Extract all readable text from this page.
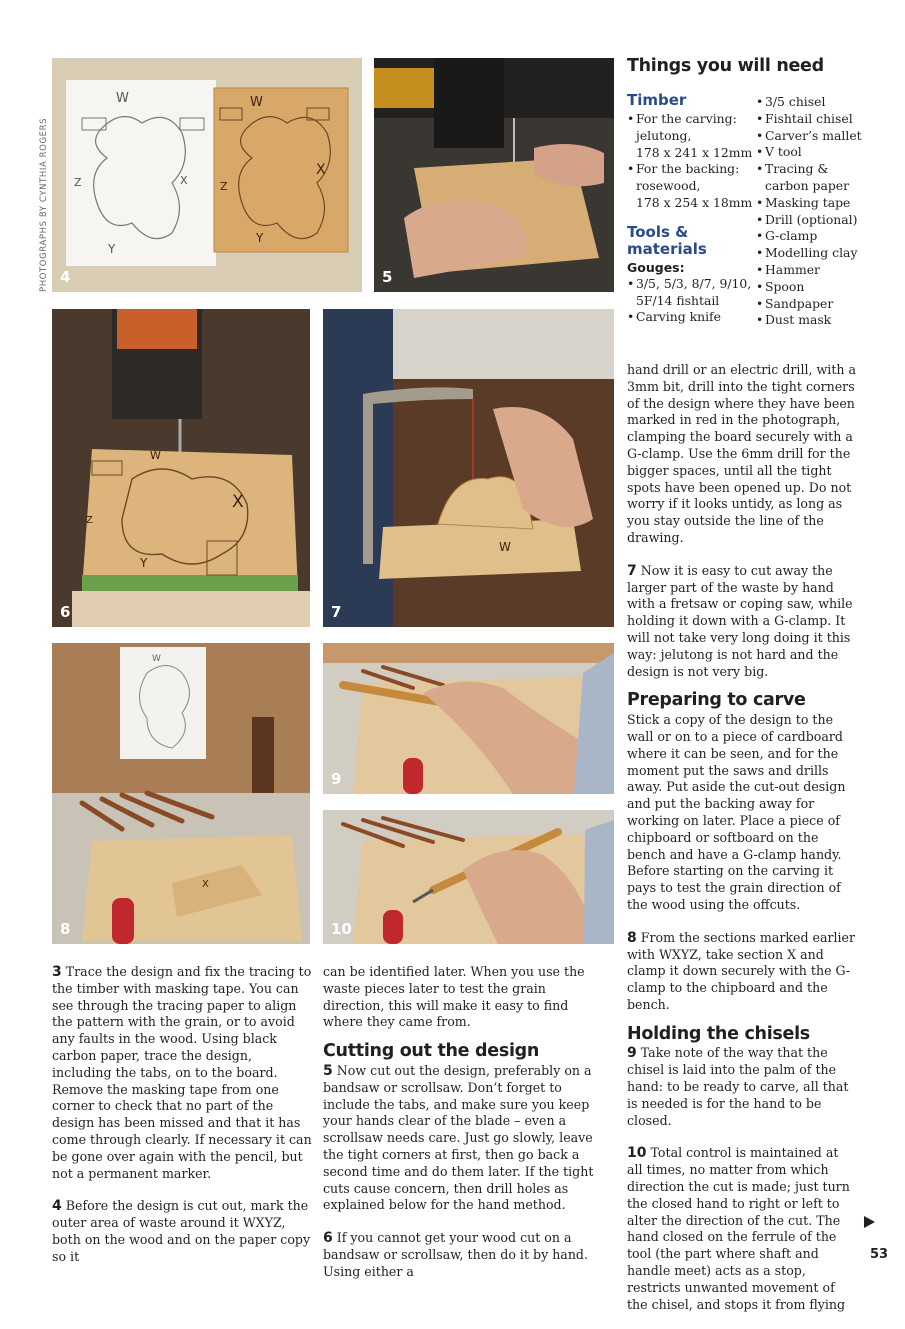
PHOTOGRAPHS BY CYNTHIA ROGERS
W	W
Z	Z
X
X
Y
Y
4	5
W
Z
X
Y
6
W
7
W
X
8
9
10
Things you will need
Timber
• For the carving:
jelutong,
178 x 241 x 12mm
• For the backing:
rosewood,
178 x 254 x 18mm
Tools &
materials
Gouges:
• 3/5, 5/3, 8/7, 9/10,
5F/14 fishtail
• Carving knife
• 3/5 chisel
• Fishtail chisel
• Carver’s mallet
• V tool
• Tracing &
carbon paper
• Masking tape
• Drill (optional)
• G-clamp
• Modelling clay
• Hammer
• Spoon
• Sandpaper
• Dust mask

3 Trace the design and fix the tracing to the timber with masking tape. You can see through the tracing paper to align the pattern with the grain, or to avoid any faults in the wood. Using black carbon paper, trace the design, including the tabs, on to the board. Remove the masking tape from one corner to check that no part of the design has been missed and that it has come through clearly. If necessary it can be gone over again with the pencil, but not a permanent marker.

4 Before the design is cut out, mark the outer area of waste around it WXYZ, both on the wood and on the paper copy so it

can be identified later. When you use the waste pieces later to test the grain direction, this will make it easy to find where they came from.

Cutting out the design

5 Now cut out the design, preferably on a bandsaw or scrollsaw. Don’t forget to include the tabs, and make sure you keep your hands clear of the blade – even a scrollsaw needs care. Just go slowly, leave the tight corners at first, then go back a second time and do them later. If the tight cuts cause concern, then drill holes as explained below for the hand method.

6 If you cannot get your wood cut on a bandsaw or scrollsaw, then do it by hand. Using either a

hand drill or an electric drill, with a 3mm bit, drill into the tight corners of the design where they have been marked in red in the photograph, clamping the board securely with a G-clamp. Use the 6mm drill for the bigger spaces, until all the tight spots have been opened up. Do not worry if it looks untidy, as long as you stay outside the line of the drawing.

7 Now it is easy to cut away the larger part of the waste by hand with a fretsaw or coping saw, while holding it down with a G-clamp. It will not take very long doing it this way: jelutong is not hard and the design is not very big.

Preparing to carve

Stick a copy of the design to the wall or on to a piece of cardboard where it can be seen, and for the moment put the saws and drills away. Put aside the cut-out design and put the backing away for working on later. Place a piece of chipboard or softboard on the bench and have a G-clamp handy. Before starting on the carving it pays to test the grain direction of the wood using the offcuts.

8 From the sections marked earlier with WXYZ, take section X and clamp it down securely with the G-clamp to the chipboard and the bench.

Holding the chisels

9 Take note of the way that the chisel is laid into the palm of the hand: to be ready to carve, all that is needed is for the hand to be closed.

10 Total control is maintained at all times, no matter from which direction the cut is made; just turn the closed hand to right or left to alter the direction of the cut. The hand closed on the ferrule of the tool (the part where shaft and handle meet) acts as a stop, restricts unwanted movement of the chisel, and stops it from flying

53
